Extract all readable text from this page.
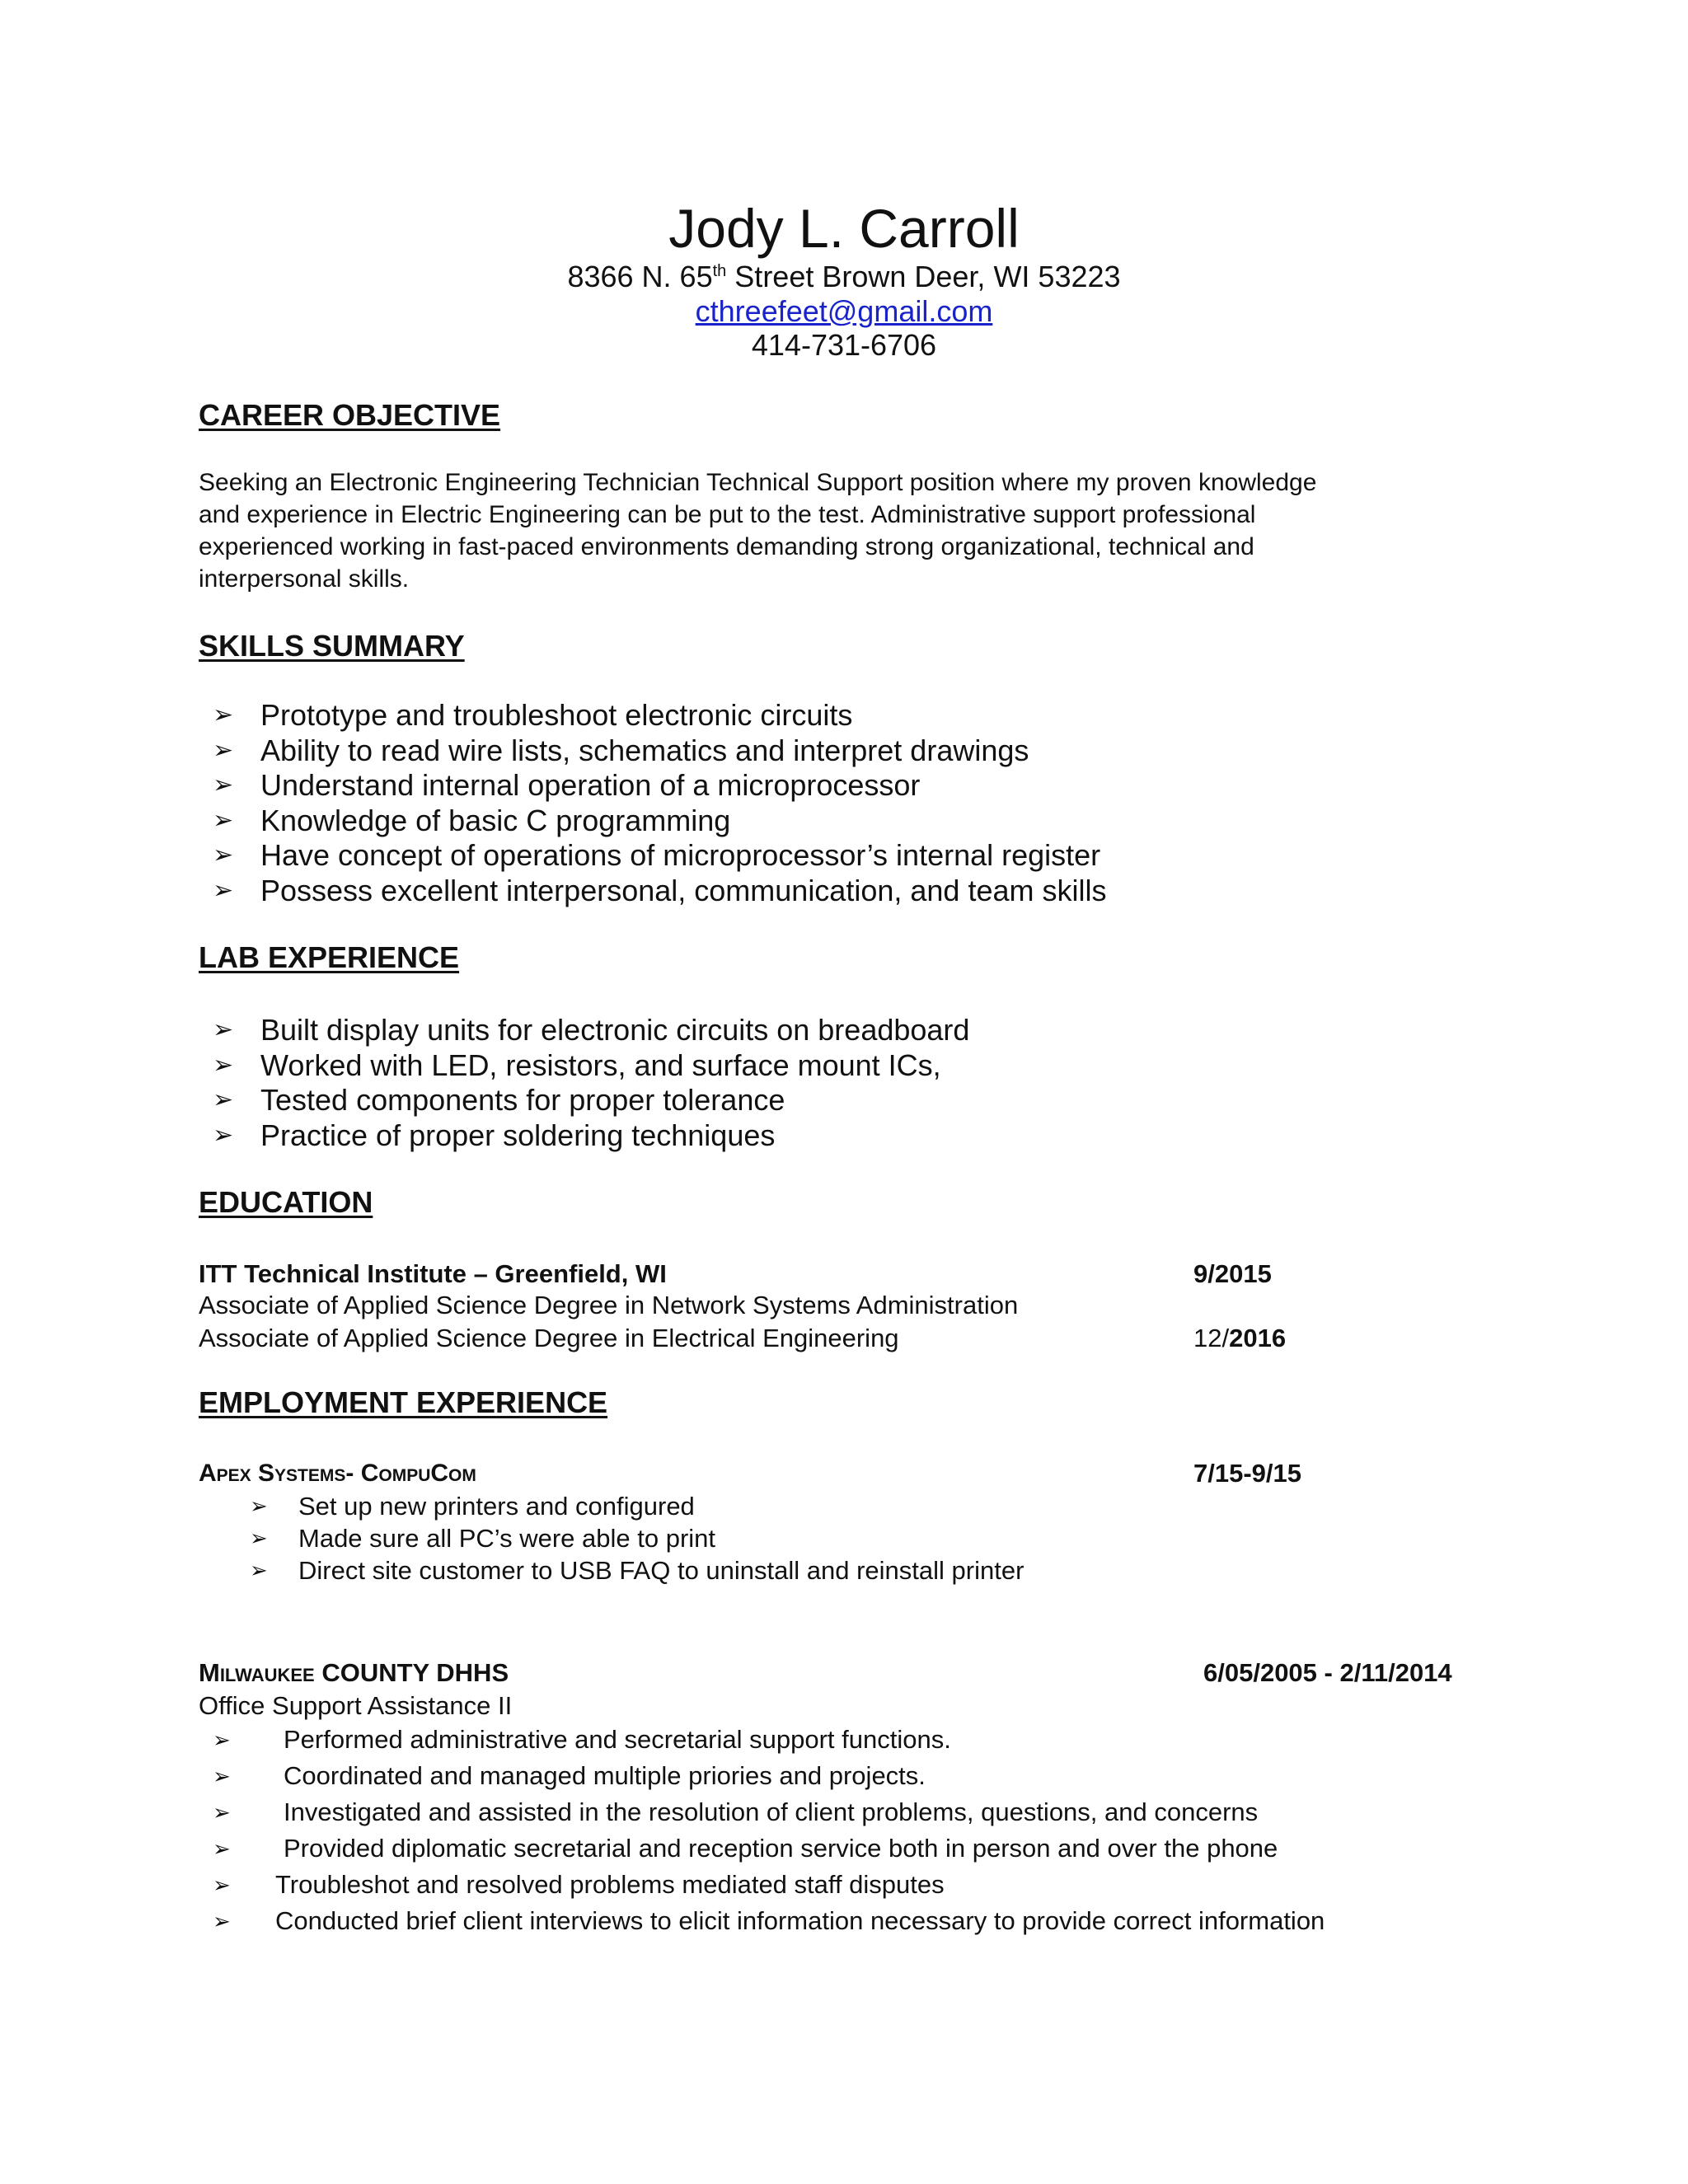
Jody L. Carroll
8366 N. 65th Street Brown Deer, WI 53223
cthreefeet@gmail.com
414-731-6706
CAREER OBJECTIVE

Seeking an Electronic Engineering Technician Technical Support position where my proven knowledge

and experience in Electric Engineering can be put to the test. Administrative support professional

experienced working in fast-paced environments demanding strong organizational, technical and

interpersonal skills.

SKILLS SUMMARY
➢ Prototype and troubleshoot electronic circuits
➢ Ability to read wire lists, schematics and interpret drawings
➢ Understand internal operation of a microprocessor
➢ Knowledge of basic C programming
➢ Have concept of operations of microprocessor’s internal register
➢ Possess excellent interpersonal, communication, and team skills
LAB EXPERIENCE
➢ Built display units for electronic circuits on breadboard
➢ Worked with LED, resistors, and surface mount ICs,
➢ Tested components for proper tolerance
➢ Practice of proper soldering techniques
EDUCATION
ITT Technical Institute – Greenfield, WI	9/2015
Associate of Applied Science Degree in Network Systems Administration
Associate of Applied Science Degree in Electrical Engineering	12/2016
EMPLOYMENT EXPERIENCE
Apex Systems- CompuCom	7/15-9/15
➢ Set up new printers and configured
➢ Made sure all PC’s were able to print
➢ Direct site customer to USB FAQ to uninstall and reinstall printer
Milwaukee COUNTY DHHS	6/05/2005 - 2/11/2014
Office Support Assistance II
➢ Performed administrative and secretarial support functions.
➢ Coordinated and managed multiple priories and projects.
➢ Investigated and assisted in the resolution of client problems, questions, and concerns
➢ Provided diplomatic secretarial and reception service both in person and over the phone
➢ Troubleshot and resolved problems mediated staff disputes
➢ Conducted brief client interviews to elicit information necessary to provide correct information
